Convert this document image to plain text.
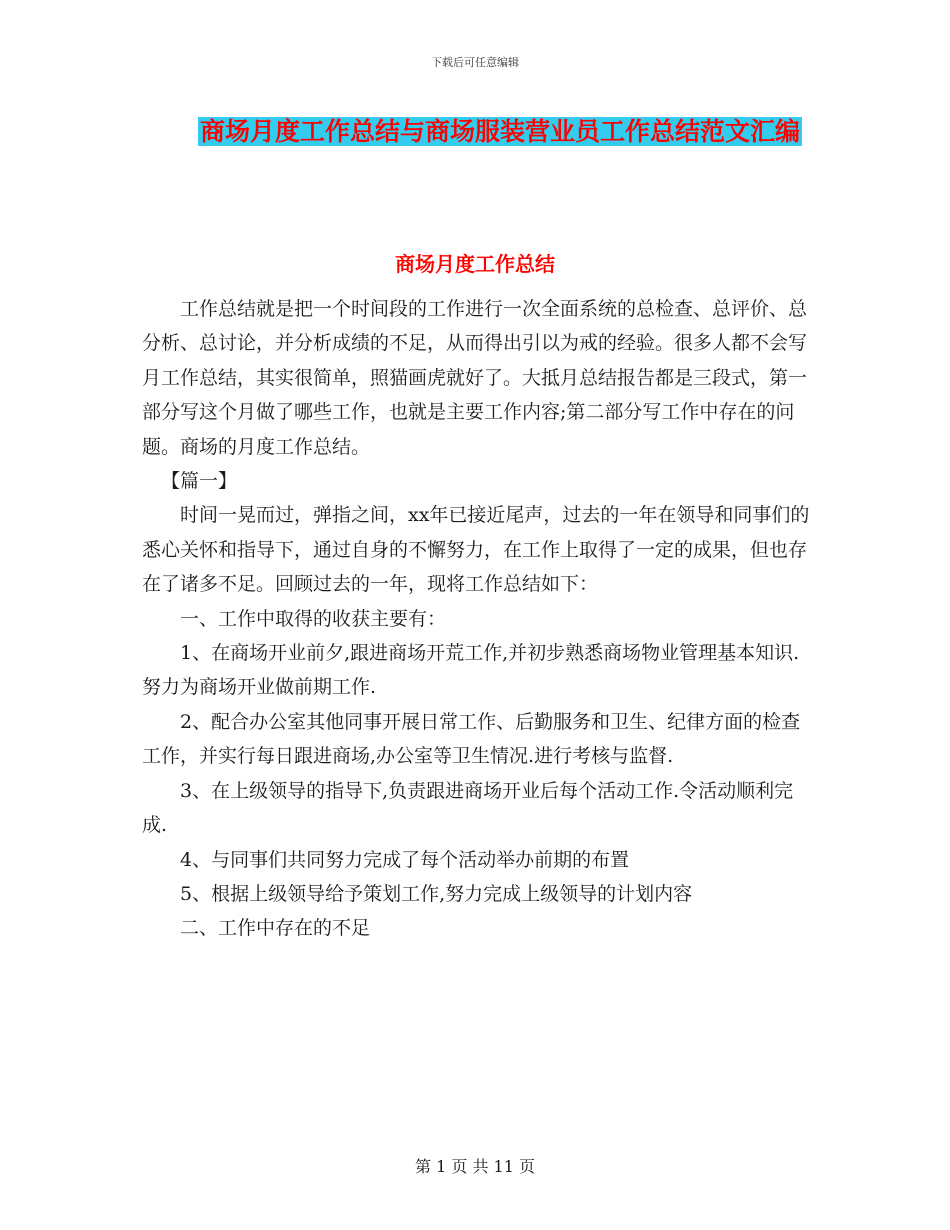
下载后可任意编辑
商场月度工作总结与商场服装营业员工作总结范文汇编
商场月度工作总结

工作总结就是把一个时间段的工作进行一次全面系统的总检查、总评价、总分析、总讨论，并分析成绩的不足，从而得出引以为戒的经验。很多人都不会写月工作总结，其实很简单，照猫画虎就好了。大抵月总结报告都是三段式，第一部分写这个月做了哪些工作，也就是主要工作内容;第二部分写工作中存在的问题。商场的月度工作总结。

【篇一】

时间一晃而过，弹指之间，xx年已接近尾声，过去的一年在领导和同事们的悉心关怀和指导下，通过自身的不懈努力，在工作上取得了一定的成果，但也存在了诸多不足。回顾过去的一年，现将工作总结如下：

一、工作中取得的收获主要有：

1、在商场开业前夕,跟进商场开荒工作,并初步熟悉商场物业管理基本知识.努力为商场开业做前期工作.

2、配合办公室其他同事开展日常工作、后勤服务和卫生、纪律方面的检查工作，并实行每日跟进商场,办公室等卫生情况.进行考核与监督.

3、在上级领导的指导下,负责跟进商场开业后每个活动工作.令活动顺利完成.

4、与同事们共同努力完成了每个活动举办前期的布置

5、根据上级领导给予策划工作,努力完成上级领导的计划内容

二、工作中存在的不足

第 1 页 共 11 页
